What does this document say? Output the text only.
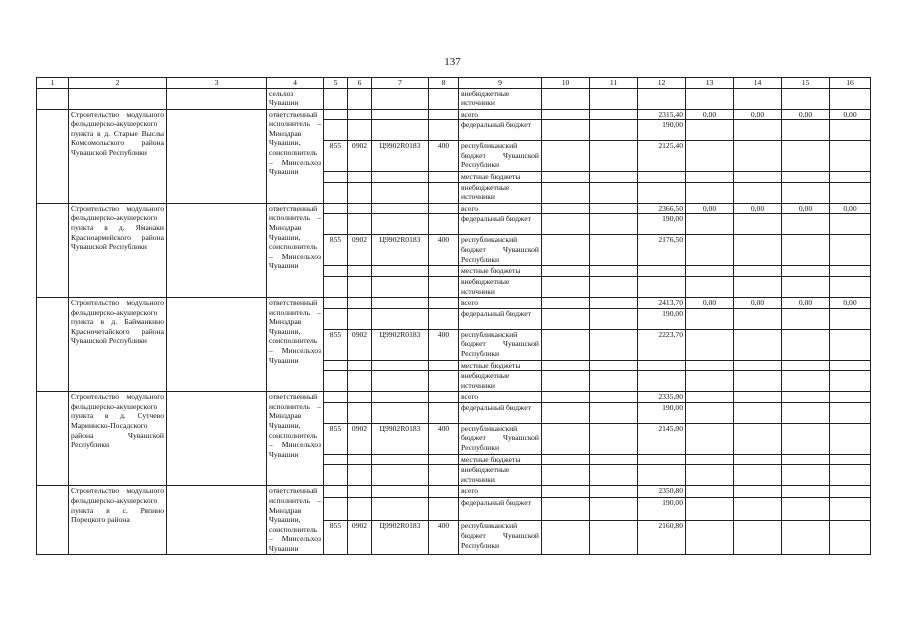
137
1	2	3	4	5	6	7	8	9	10	11	12	13	14	15	16
			сельхоз Чувашии					внебюджетные источники							
	Строительство модульного фельдшерско-акушерского пункта в д. Старые Выслы Комсомольского района Чувашской Республики		ответственный исполнитель – Минздрав Чувашии, соисполнитель – Минсельхоз Чувашии					всего			2315,40	0,00	0,00	0,00	0,00
								федеральный бюджет			190,00				
				855	0902	Ц9902R0183	400	республиканский бюджет Чувашской Республики			2125,40				
								местные бюджеты							
								внебюджетные источники							
	Строительство модульного фельдшерско-акушерского пункта в д. Яманаки Красноармейского района Чувашской Республики		ответственный исполнитель – Минздрав Чувашии, соисполнитель – Минсельхоз Чувашии					всего			2366,50	0,00	0,00	0,00	0,00
								федеральный бюджет			190,00				
				855	0902	Ц9902R0183	400	республиканский бюджет Чувашской Республики			2176,50				
								местные бюджеты							
								внебюджетные источники							
	Строительство модульного фельдшерско-акушерского пункта в д. Байманкино Красночетайского района Чувашской Республики		ответственный исполнитель – Минздрав Чувашии, соисполнитель – Минсельхоз Чувашии					всего			2413,70	0,00	0,00	0,00	0,00
								федеральный бюджет			190,00				
				855	0902	Ц9902R0183	400	республиканский бюджет Чувашской Республики			2223,70				
								местные бюджеты							
								внебюджетные источники							
	Строительство модульного фельдшерско-акушерского пункта в д. Сутчево Мариинско-Посадского района Чувашской Республики		ответственный исполнитель – Минздрав Чувашии, соисполнитель – Минсельхоз Чувашии					всего			2335,00				
								федеральный бюджет			190,00				
				855	0902	Ц9902R0183	400	республиканский бюджет Чувашской Республики			2145,00				
								местные бюджеты							
								внебюджетные источники							
	Строительство модульного фельдшерско-акушерского пункта в с. Ряпино Порецкого района		ответственный исполнитель – Минздрав Чувашии, соисполнитель – Минсельхоз Чувашии					всего			2350,80				
								федеральный бюджет			190,00				
				855	0902	Ц9902R0183	400	республиканский бюджет Чувашской Республики			2160,80				
